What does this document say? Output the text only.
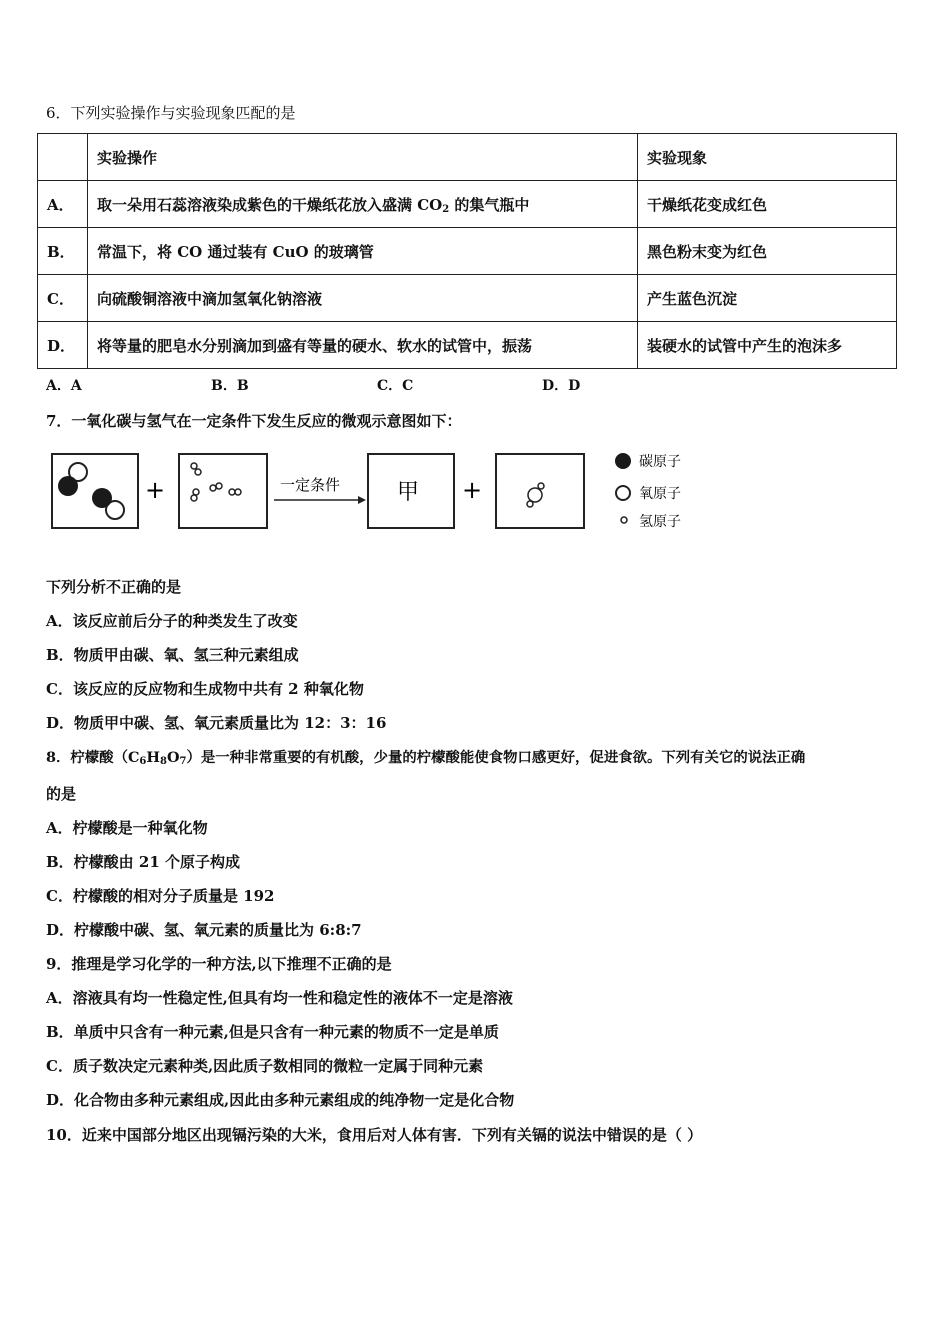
6．下列实验操作与实验现象匹配的是
	实验操作	实验现象
A．	取一朵用石蕊溶液染成紫色的干燥纸花放入盛满 $CO_2$ 的集气瓶中	干燥纸花变成红色
B．	常温下，将 CO 通过装有 CuO 的玻璃管	黑色粉末变为红色
C．	向硫酸铜溶液中滴加氢氧化钠溶液	产生蓝色沉淀
D．	将等量的肥皂水分别滴加到盛有等量的硬水、软水的试管中，振荡	装硬水的试管中产生的泡沫多
A．A	B．B	C．C	D．D
7．一氧化碳与氢气在一定条件下发生反应的微观示意图如下：
+	一定条件	甲 +
碳原子
氧原子
氢原子
下列分析不正确的是
A．该反应前后分子的种类发生了改变
B．物质甲由碳、氧、氢三种元素组成
C．该反应的反应物和生成物中共有 2 种氧化物
D．物质甲中碳、氢、氧元素质量比为 12：3：16
8．柠檬酸$(C_6H_8O_7)$是一种非常重要的有机酸，少量的柠檬酸能使食物口感更好，促进食欲。下列有关它的说法正确
的是
A．柠檬酸是一种氧化物
B．柠檬酸由 21 个原子构成
C．柠檬酸的相对分子质量是 192
D．柠檬酸中碳、氢、氧元素的质量比为 6:8:7
9．推理是学习化学的一种方法,以下推理不正确的是
A．溶液具有均一性稳定性,但具有均一性和稳定性的液体不一定是溶液
B．单质中只含有一种元素,但是只含有一种元素的物质不一定是单质
C．质子数决定元素种类,因此质子数相同的微粒一定属于同种元素
D．化合物由多种元素组成,因此由多种元素组成的纯净物一定是化合物
10．近来中国部分地区出现镉污染的大米，食用后对人体有害．下列有关镉的说法中错误的是（ ）
